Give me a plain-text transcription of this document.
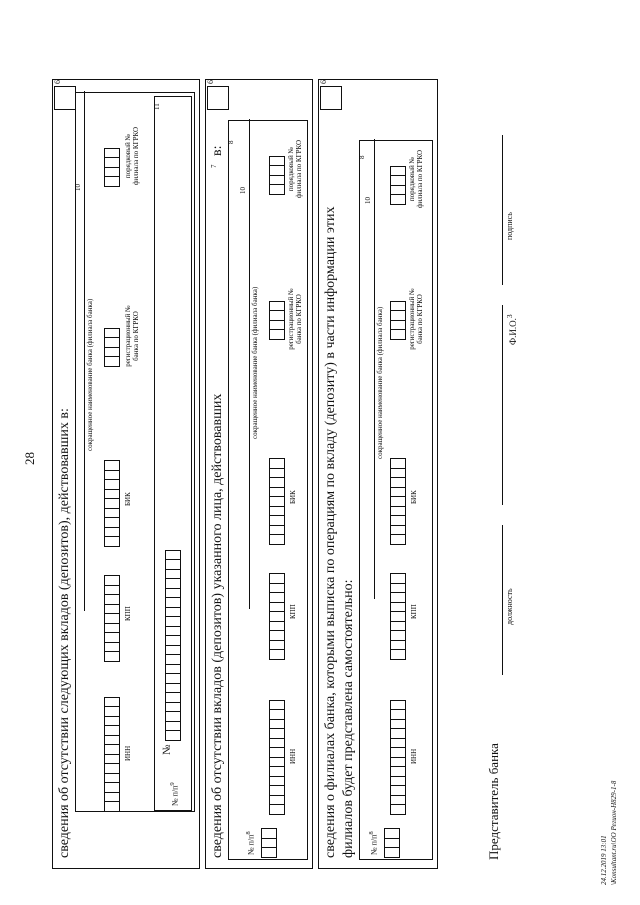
28 сведения об отсутствии следующих вкладов (депозитов), действовавших в:
6
10
сокращенное наименование банка (филиала банка)
ИНН
КПП
БИК
регистрационный № банка по КГРКО
порядковый № филиала по КГРКО
№ $п/п^9$
№
11
сведения об отсутствии вкладов (депозитов) указанного лица, действовавших
7
в:
6
8
10
сокращенное наименование банка (филиала банка)
№ $п/п^8$
ИНН
КПП
БИК
регистрационный № банка по КГРКО
порядковый № филиала по КГРКО
сведения о филиалах банка, которыми выписка по операциям по вкладу (депозиту) в части информации этих филиалов будет представлена самостоятельно:
6
8
10
сокращенное наименование банка (филиала банка)
№ $п/п^8$
ИНН
КПП
БИК
регистрационный № банка по КГРКО
порядковый № филиала по КГРКО
Представитель банка
должность
Ф.И.О.$^3$
подпись
24.12.2019 13:01 \Konsultant.ru\ОО Регион-Н829-1-8
